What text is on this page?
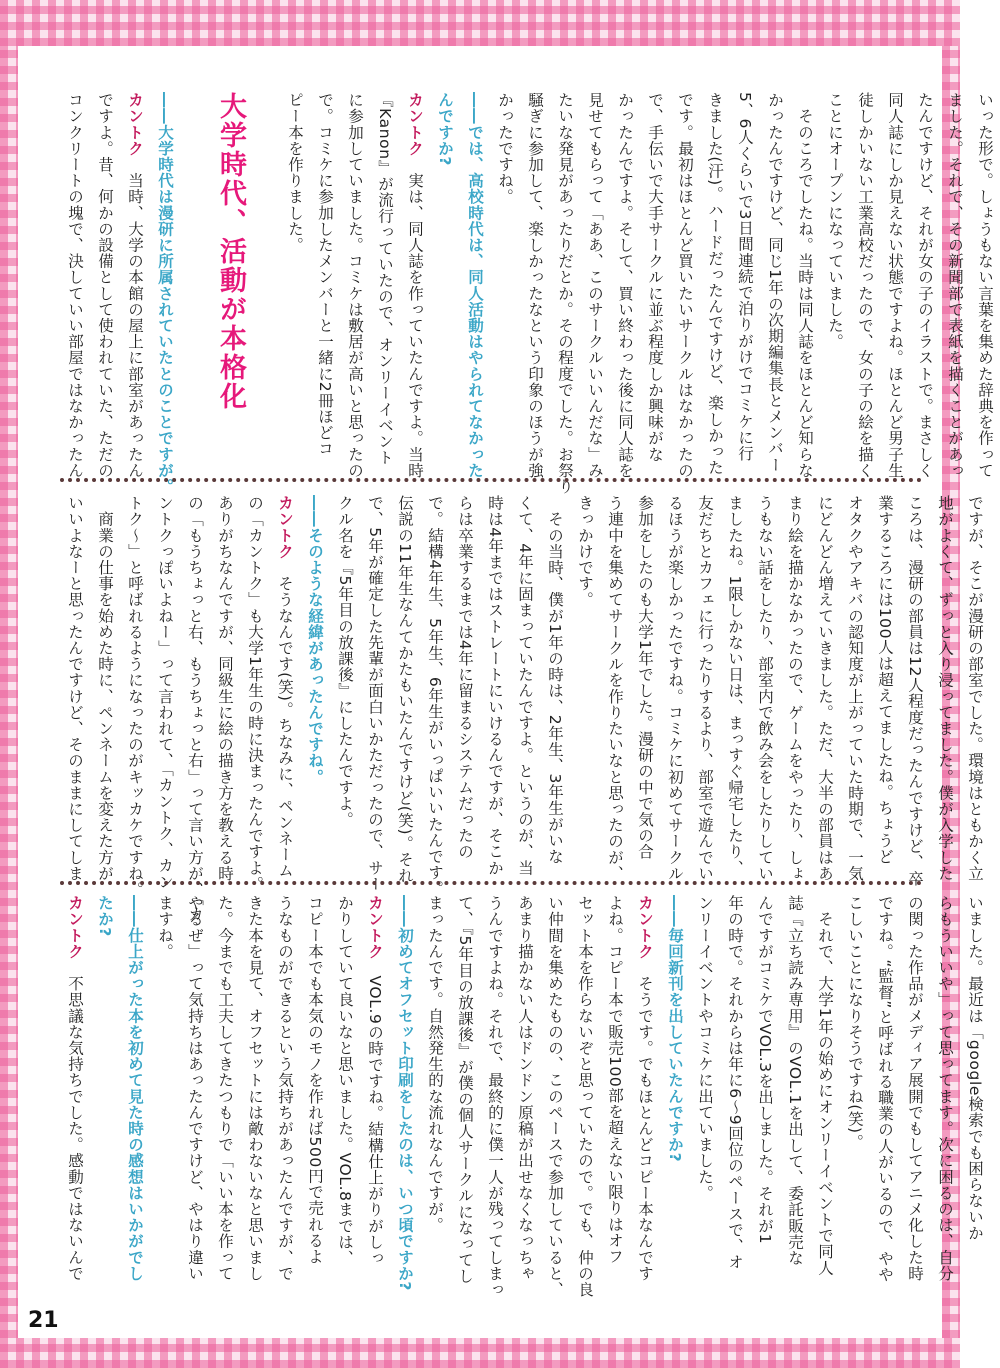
いった形で。しょうもない言葉を集めた辞典を作って
ました。それで、その新聞部で表紙を描くことがあっ
たんですけど、それが女の子のイラストで。まさしく
同人誌にしか見えない状態ですよね。ほとんど男子生
徒しかいない工業高校だったので、女の子の絵を描く
ことにオープンになっていました。
　そのころでしたね。当時は同人誌をほとんど知らな
かったんですけど、同じ1年の次期編集長とメンバー
5、6人くらいで3日間連続で泊りがけでコミケに行
きました(汗)。ハードだったんですけど、楽しかった
です。最初はほとんど買いたいサークルはなかったの
で、手伝いで大手サークルに並ぶ程度しか興味がな
かったんですよ。そして、買い終わった後に同人誌を
見せてもらって「ああ、このサークルいいんだな」み
たいな発見があったりだとか。その程度でした。お祭り
騒ぎに参加して、楽しかったなという印象のほうが強
かったですね。
――では、高校時代は、同人活動はやられてなかった
んですか?
カントク　実は、同人誌を作っていたんですよ。当時
『Kanon』が流行っていたので、オンリーイベント
に参加していました。コミケは敷居が高いと思ったの
で。コミケに参加したメンバーと一緒に2冊ほどコ
ピー本を作りました。

大学時代、活動が本格化

――大学時代は漫研に所属されていたとのことですが。
カントク　当時、大学の本館の屋上に部室があったん
ですよ。昔、何かの設備として使われていた、ただの
コンクリートの塊で、決していい部屋ではなかったん
ですが、そこが漫研の部室でした。環境はともかく立
地がよくて、ずっと入り浸ってました。僕が入学した
ころは、漫研の部員は12人程度だったんですけど、卒
業するころには100人は超えてましたね。ちょうど
オタクやアキバの認知度が上がっていた時期で、一気
にどんどん増えていきました。ただ、大半の部員はあ
まり絵を描かなかったので、ゲームをやったり、しょ
うもない話をしたり、部室内で飲み会をしたりしてい
ましたね。1限しかない日は、まっすぐ帰宅したり、
友だちとカフェに行ったりするより、部室で遊んでい
るほうが楽しかったですね。コミケに初めてサークル
参加をしたのも大学1年でした。漫研の中で気の合
う連中を集めてサークルを作りたいなと思ったのが、
きっかけです。
　その当時、僕が1年の時は、2年生、3年生がいな
くて、4年に固まっていたんですよ。というのが、当
時は4年まではストレートにいけるんですが、そこか
らは卒業するまでは4年に留まるシステムだったの
で。結構4年生、5年生、6年生がいっぱいいたんです。
伝説の11年生なんてかたもいたんですけど(笑)。それ
で、5年が確定した先輩が面白いかただったので、サー
クル名を『5年目の放課後』にしたんですよ。
――そのような経緯があったんですね。
カントク　そうなんです(笑)。ちなみに、ペンネーム
の「カントク」も大学1年生の時に決まったんですよ。
ありがちなんですが、同級生に絵の描き方を教える時
の「もうちょっと右、もうちょっと右」って言い方が、「カ
ントクっぽいよねー」って言われて、「カントク、カン
トク～」と呼ばれるようになったのがキッカケですね。
　商業の仕事を始めた時に、ペンネームを変えた方が
いいよなーと思ったんですけど、そのままにしてしま
いました。最近は「google検索でも困らないか
らもういいや」って思ってます。次に困るのは、自分
の関った作品がメディア展開でもしてアニメ化した時
ですね。“監督”と呼ばれる職業の人がいるので、やや
こしいことになりそうですね(笑)。
　それで、大学1年の始めにオンリーイベントで同人
誌『立ち読み専用』のVOL.1を出して、委託販売な
んですがコミケでVOL.3を出しました。それが1
年の時で。それからは年に6～9回位のペースで、オ
ンリーイベントやコミケに出ていました。
――毎回新刊を出していたんですか?
カントク　そうです。でもほとんどコピー本なんです
よね。コピー本で販売100部を超えない限りはオフ
セット本を作らないぞと思っていたので。でも、仲の良
い仲間を集めたものの、このペースで参加していると、
あまり描かない人はドンドン原稿が出せなくなっちゃ
うんですよね。それで、最終的に僕一人が残ってしまっ
て、『5年目の放課後』が僕の個人サークルになってし
まったんです。自然発生的な流れなんですが。
――初めてオフセット印刷をしたのは、いつ頃ですか?
カントク　VOL.9の時ですね。結構仕上がりがしっ
かりしていて良いなと思いました。VOL.8までは、
コピー本でも本気のモノを作れば500円で売れるよ
うなものができるという気持ちがあったんですが、で
きた本を見て、オフセットには敵わないなと思いまし
た。今までも工夫してきたつもりで「いい本を作って
やるぜ」って気持ちはあったんですけど、やはり違い
ますね。
――仕上がった本を初めて見た時の感想はいかがでし
たか?
カントク　不思議な気持ちでした。感動ではないんで
21
